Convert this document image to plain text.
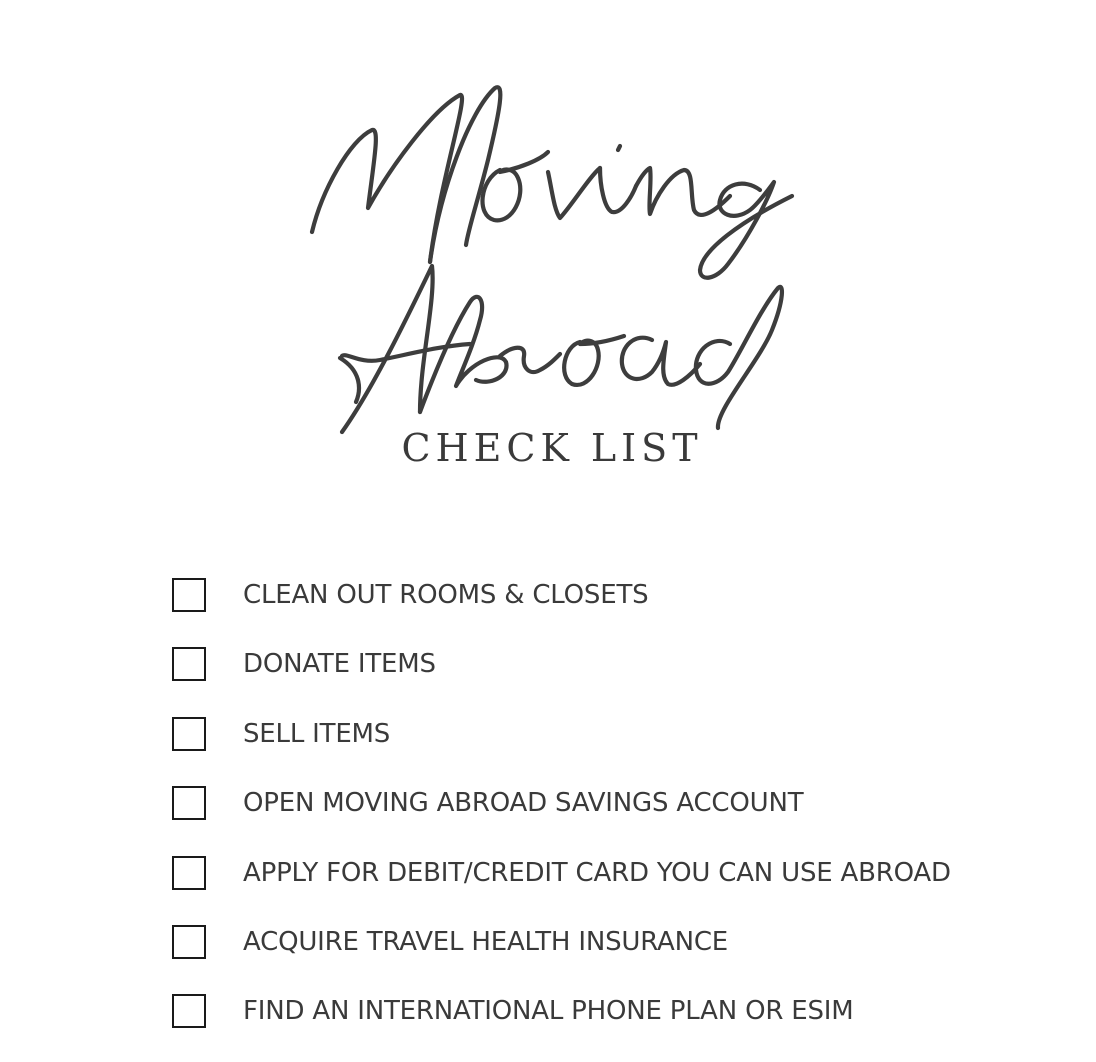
CHECK LIST
CLEAN OUT ROOMS & CLOSETS
DONATE ITEMS
SELL ITEMS
OPEN MOVING ABROAD SAVINGS ACCOUNT
APPLY FOR DEBIT/CREDIT CARD YOU CAN USE ABROAD
ACQUIRE TRAVEL HEALTH INSURANCE
FIND AN INTERNATIONAL PHONE PLAN OR ESIM
